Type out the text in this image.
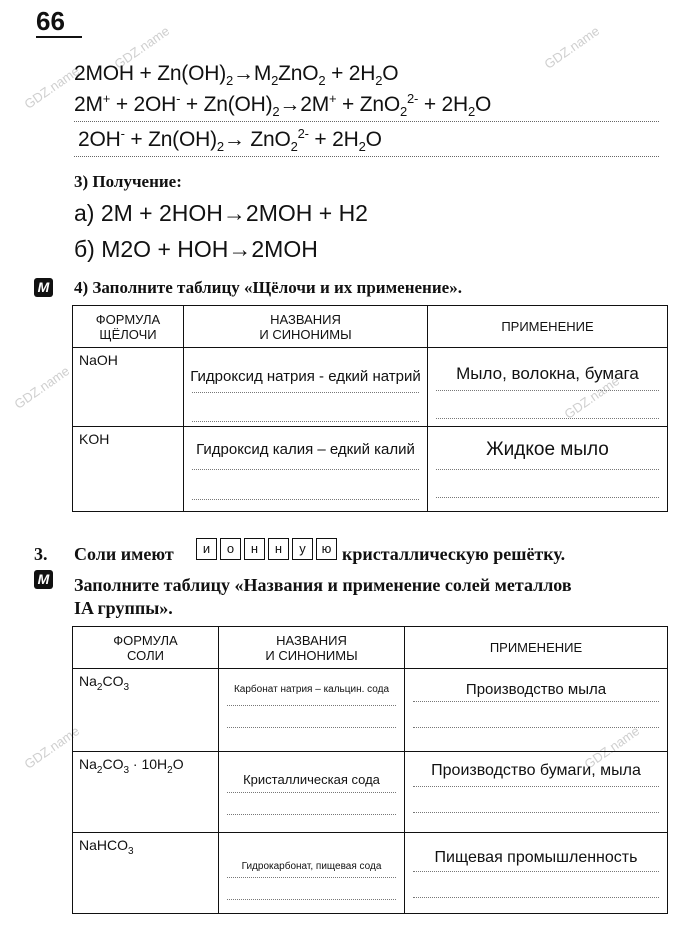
GDZ.name
GDZ.name	GDZ.name
GDZ.name	GDZ.name
GDZ.name	GDZ.name
66
$2MOH + Zn(OH)_2\to M_2ZnO_2 + 2H_2O$
$2M^+ + 2OH^- + Zn(OH)_2\to 2M^+ + ZnO_2^{2-} + 2H_2O$
$2OH^- + Zn(OH)_2\to ZnO_2^{2-} + 2H_2O$
3) Получение:
а) 2M + 2HOH→2MOH + H2
б) M2O + HOH→2MOH
М 4) Заполните таблицу «Щёлочи и их применение».
ФОРМУЛА
ЩЁЛОЧИ	НАЗВАНИЯ
И СИНОНИМЫ	ПРИМЕНЕНИЕ

NaOH	Гидроксид натрия - едкий натрий	Мыло, волокна, бумага

KOH	Гидроксид калия – едкий калий	Жидкое мыло
3. Соли имеют	и	о	н	н	у	ю кристаллическую решётку.
М Заполните таблицу «Названия и применение солей металлов
IA группы».
ФОРМУЛА
СОЛИ	НАЗВАНИЯ
И СИНОНИМЫ	ПРИМЕНЕНИЕ

$Na_2CO_3$	Карбонат натрия – кальцин. сода	Производство мыла

$Na_2CO_3 \cdot 10H_2O$	Кристаллическая сода	Производство бумаги, мыла

NaHCO$_3$	Гидрокарбонат, пищевая сода	Пищевая промышленность
